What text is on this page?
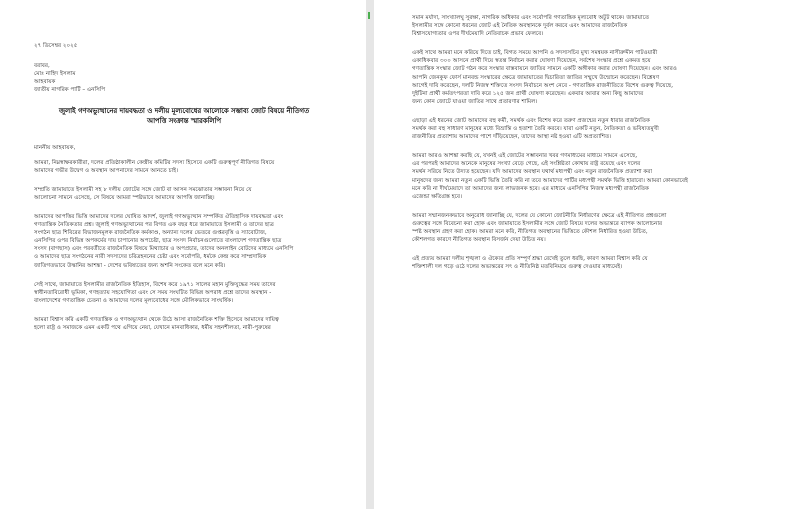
২৭ ডিসেম্বর ২০২৫
বরাবর,
মোঃ নাহিদ ইসলাম
আহবায়ক
জাতীয় নাগরিক পার্টি – এনসিপি
জুলাই গণঅভ্যুত্থানের দায়বদ্ধতা ও দলীয় মূল্যবোধের আলোকে সম্ভাব্য জোট বিষয়ে নীতিগত
আপত্তি সংক্রান্ত স্মারকলিপি
মাননীয় আহবায়ক,

আমরা, নিম্নস্বাক্ষরকারীরা, দলের প্রতিষ্ঠাকালীন কেন্দ্রীয় কমিটির সদস্য হিসেবে একটি গুরুত্বপূর্ণ নীতিগত বিষয়ে
আমাদের গভীর উদ্বেগ ও অবস্থান আপনাদের সামনে আনতে চাই।

সম্প্রতি জামায়াতে ইসলামী সহ ৮ দলীয় জোটের সঙ্গে জোট বা আসন সমঝোতার সম্ভাবনা নিয়ে যে
আলোচনা সামনে এসেছে, সে বিষয়ে আমরা স্পষ্টভাবে আমাদের আপত্তি জানাচ্ছি।

আমাদের আপত্তির ভিত্তি আমাদের দলের ঘোষিত আদর্শ, জুলাই গণঅভ্যুত্থান সম্পর্কিত ঐতিহাসিক দায়বদ্ধতা এবং
গণতান্ত্রিক নৈতিকতার প্রশ্ন। জুলাই গণঅভ্যুত্থানের পর বিগত এক বছর ধরে জামায়াতে ইসলামী ও তাদের ছাত্র
সংগঠন ছাত্র শিবিরের বিভাজনমূলক রাজনৈতিক কর্মকাণ্ড, অন্যান্য দলের ভেতরে গুপ্তরবৃত্তি ও স্যাবোটাজ,
এনসিপির ওপর বিভিন্ন অপকর্মের দায় চাপানোর অপচেষ্টা, ছাত্র সংসদ নির্বাচনগুলোতে বাংলাদেশ গণতান্ত্রিক ছাত্র
সংসদ (বাগছাস) এবং পরবর্তীতে রাজনৈতিক বিষয়ে মিথ্যাচার ও অপপ্রচার, তাদের অনলাইন বোটদের মাধ্যমে এনসিপি
ও আমাদের ছাত্র সংগঠনের নারী সদস্যদের চরিত্রহননের চেষ্টা এবং সর্বোপরি, ধর্মকে কেন্দ্র করে সাম্প্রদায়িক
জাতিগতভাবে উস্কানির আশঙ্কা - দেশের ভবিষ্যতের জন্য অশনি সংকেত বলে মনে করি।

সেই সাথে, জামায়াতে ইসলামীর রাজনৈতিক ইতিহাস, বিশেষ করে ১৯৭১ সালের মহান মুক্তিযুদ্ধের সময় তাদের
স্বাধীনতাবিরোধী ভূমিকা, গণহত্যায় সহযোগিতা এবং সে সময় সংঘটিত বিভিন্ন অপরাধ প্রশ্নে তাদের অবস্থান -
বাংলাদেশের গণতান্ত্রিক চেতনা ও আমাদের দলের মূল্যবোধের সঙ্গে মৌলিকভাবে সাংঘর্ষিক।

আমরা বিশ্বাস করি একটি গণতান্ত্রিক ও গণঅভ্যুত্থান থেকে উঠে আসা রাজনৈতিক শক্তি হিসেবে আমাদের দায়িত্ব
হলো রাষ্ট্র ও সমাজকে এমন একটি পথে এগিয়ে নেয়া, যেখানে মানবাধিকার, ধর্মীয় সহনশীলতা, নারী-পুরুষের

সমান মর্যাদা, সাংখ্যালঘু সুরক্ষা, নাগরিক অধিকার এবং সর্বোপরি গণতান্ত্রিক মূল্যবোধ অটুট থাকে। জামায়াতে
ইসলামীর সঙ্গে কোনো ধরনের জোট এই নৈতিক অবস্থানকে দুর্বল করবে এবং আমাদের রাজনৈতিক
বিশ্বাসযোগ্যতার ওপর দীর্ঘমেয়াদি নেতিবাচক প্রভাব ফেলবে।

একই সাথে আমরা মনে করিয়ে দিতে চাই, বিগত সময়ে আপনি ও সদস্যসচিব মুখ্য সমন্বয়ক নাসীরুদ্দীন পাটওয়ারী
একাধিকবার ৩০০ আসনে প্রার্থী দিয়ে স্বতন্ত্র নির্বাচন করার ঘোষণা দিয়েছেন, সর্বশেষ সংস্কার প্রশ্নে একমত হয়ে
গণতান্ত্রিক সংস্কার জোট গঠন করে সংস্কার বাস্তবায়নে জাতির সামনে একটি অঙ্গীকার করার ঘোষণা দিয়েছেন। এবং আরও
আপনি জেনকুফ ফোর্স মানবন্ড সংস্কারের ক্ষেত্রে জামায়াতের দ্বিচারিতা জাতির সম্মুখে উন্মোচন করেছেন। বিশ্লেষণ
আগেই দাবি করেছেন, দলটি নিজস্ব শক্তিতে সংসদ নির্বাচনে অংশ নেবে - গণতান্ত্রিক রাজনীতিতে বিশেষ গুরুত্ব দিয়েছে,
দুইটিনা প্রার্থী কর্মতৎপরতা দাবি করে ১২৫ জন প্রার্থী ঘোষণা করেছেন। একবার আবার অন্য কিছু আমাদের
জন্য কোন জোটে যাওয়া জাতির সাথে প্রতারণার শামিল।

এছাড়া এই ধরনের জোট আমাদের বহু কর্মী, সমর্থক এবং বিশেষ করে তরুণ প্রজন্মের নতুন ধারার রাজনৈতিক
সমর্থক করা বহু সাধারণ মানুষের মধ্যে বিভ্রান্তি ও হতাশা তৈরি করবে। যারা একটি নতুন, নৈতিকতা ও ভবিষ্যতমুখী
রাজনীতির প্রত্যাশায় আমাদের পাশে দাঁড়িয়েছেন, তাদের আস্থা নষ্ট হওয়া এটি অপ্রত্যাশিত।

আমরা আরও আশঙ্কা করছি যে, যখনই এই জোটের সম্ভাবনার খবর গণমাধ্যমের মাধ্যমে সামনে এসেছে,
এর পরপরই আমাদের অনেকে মানুষের সংখ্যা বেড়ে গেছে, এই সংশ্লিষ্টতা কোথায় রাষ্ট্র রয়েছে এবং দলের
সমর্থন সরিয়ে নিতে উদ্যত হয়েছেন। যদি আমাদের অবস্থান যথার্থ মধ্যপন্থী এবং নতুন রাজনৈতিক প্রত্যাশা করা
মানুষদের জন্য আমরা নতুন একটি ভিত্তি তৈরি করি না তবে আমাদের পার্টির মধ্যপন্থী সমর্থক ভিত্তি হারাবো। আমরা কোনভাবেই
মনে করি না দীর্ঘমেয়াদে তা আমাদের জন্য লাভজনক হবে। এর মাধ্যমে এনসিপির নিজস্ব মধ্যপন্থী রাজনৈতিক
এজেন্ডা ক্ষতিগ্রস্ত হবে।

আমরা সম্মানজনকভাবে অনুরোধ জানাচ্ছি যে, দলের যে কোনো জোটনীতি নির্ধারণের ক্ষেত্রে এই নীতিগত প্রশ্নগুলো
গুরুত্বের সঙ্গে বিবেচনা করা হোক এবং জামায়াতে ইসলামীর সঙ্গে জোট বিষয়ে দলের অভ্যন্তরে ব্যাপক আলোচনার
স্পষ্ট অবস্থান গ্রহণ করা হোক। আমরা মনে করি, নীতিগত অবস্থানের ভিত্তিতে কৌশল নির্ধারিত হওয়া উচিত,
কৌশলগত কারণে নীতিগত অবস্থান বিসর্জন দেয়া উচিত নয়।

এই প্রত্যয় আমরা দলীয় শৃঙ্খলা ও ঐক্যের প্রতি সম্পূর্ণ শ্রদ্ধা রেখেই তুলে ধরছি, কারণ আমরা বিশ্বাস করি যে
শক্তিশালী দল গড়ে ওঠে দলের অভ্যন্তরের সৎ ও নীতিনিষ্ঠ মতবিনিময়ে গুরুত্ব দেওয়ার মাধ্যমেই।
